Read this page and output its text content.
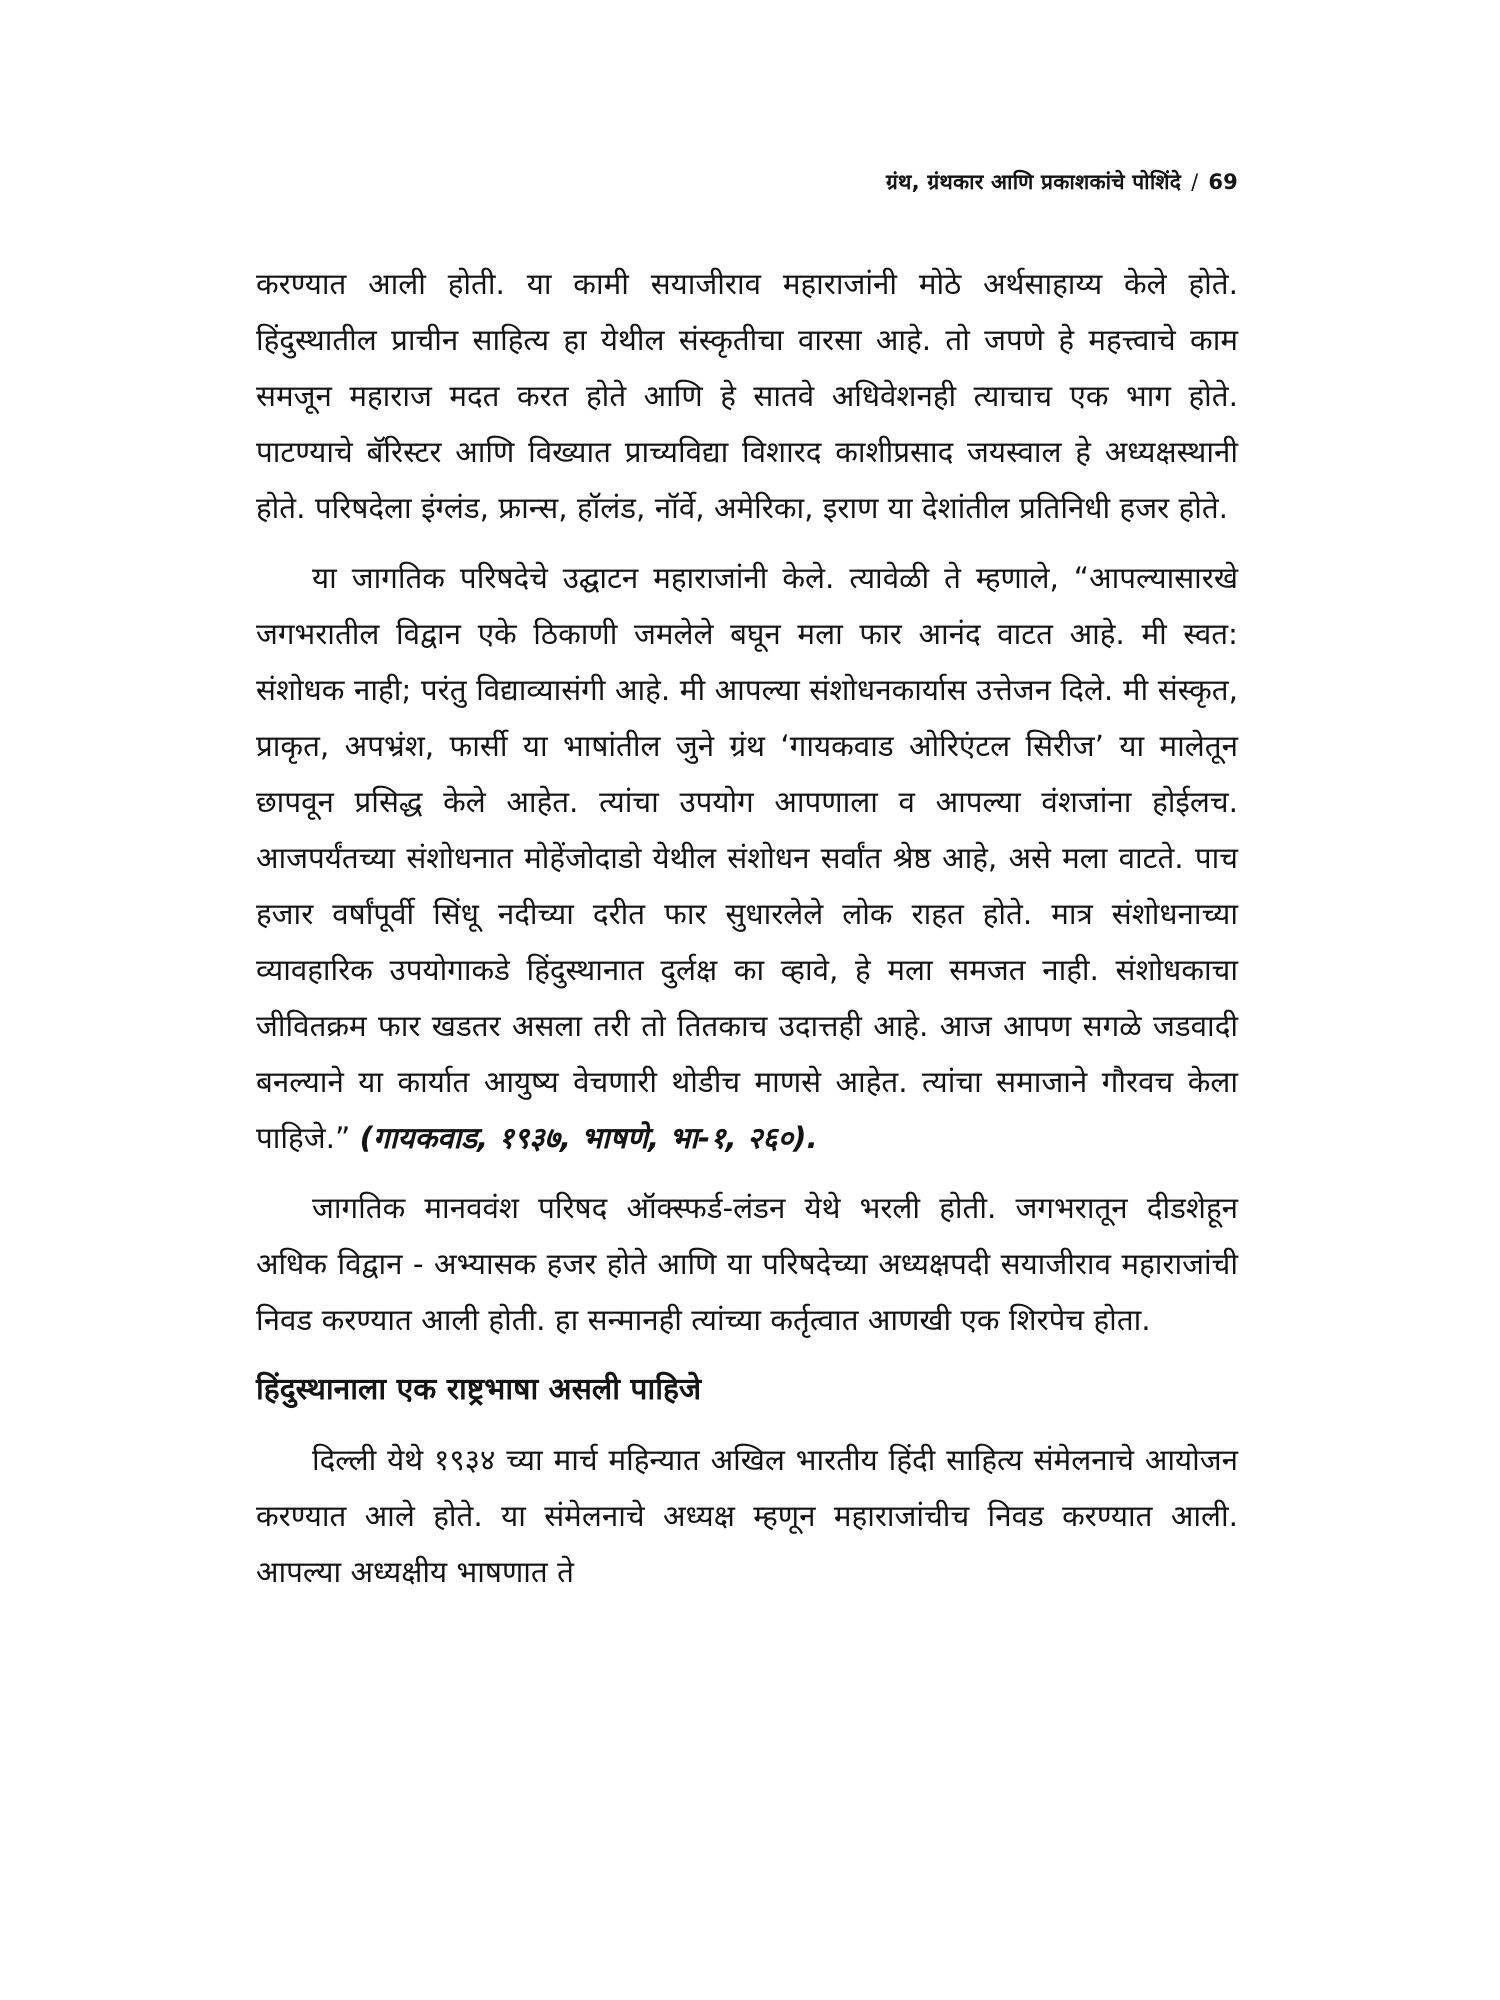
ग्रंथ, ग्रंथकार आणि प्रकाशकांचे पोशिंदे / 69

करण्यात आली होती. या कामी सयाजीराव महाराजांनी मोठे अर्थसाहाय्य केले होते. हिंदुस्थातील प्राचीन साहित्य हा येथील संस्कृतीचा वारसा आहे. तो जपणे हे महत्त्वाचे काम समजून महाराज मदत करत होते आणि हे सातवे अधिवेशनही त्याचाच एक भाग होते. पाटण्याचे बॅरिस्टर आणि विख्यात प्राच्यविद्या विशारद काशीप्रसाद जयस्वाल हे अध्यक्षस्थानी होते. परिषदेला इंग्लंड, फ्रान्स, हॉलंड, नॉर्वे, अमेरिका, इराण या देशांतील प्रतिनिधी हजर होते.

या जागतिक परिषदेचे उद्घाटन महाराजांनी केले. त्यावेळी ते म्हणाले, “आपल्यासारखे जगभरातील विद्वान एके ठिकाणी जमलेले बघून मला फार आनंद वाटत आहे. मी स्वत: संशोधक नाही; परंतु विद्याव्यासंगी आहे. मी आपल्या संशोधनकार्यास उत्तेजन दिले. मी संस्कृत, प्राकृत, अपभ्रंश, फार्सी या भाषांतील जुने ग्रंथ ‘गायकवाड ओरिएंटल सिरीज’ या मालेतून छापवून प्रसिद्ध केले आहेत. त्यांचा उपयोग आपणाला व आपल्या वंशजांना होईलच. आजपर्यंतच्या संशोधनात मोहेंजोदाडो येथील संशोधन सर्वांत श्रेष्ठ आहे, असे मला वाटते. पाच हजार वर्षांपूर्वी सिंधू नदीच्या दरीत फार सुधारलेले लोक राहत होते. मात्र संशोधनाच्या व्यावहारिक उपयोगाकडे हिंदुस्थानात दुर्लक्ष का व्हावे, हे मला समजत नाही. संशोधकाचा जीवितक्रम फार खडतर असला तरी तो तितकाच उदात्तही आहे. आज आपण सगळे जडवादी बनल्याने या कार्यात आयुष्य वेचणारी थोडीच माणसे आहेत. त्यांचा समाजाने गौरवच केला पाहिजे.” (गायकवाड, १९३७, भाषणे, भा-१, २६०).

जागतिक मानववंश परिषद ऑक्स्फर्ड-लंडन येथे भरली होती. जगभरातून दीडशेहून अधिक विद्वान - अभ्यासक हजर होते आणि या परिषदेच्या अध्यक्षपदी सयाजीराव महाराजांची निवड करण्यात आली होती. हा सन्मानही त्यांच्या कर्तृत्वात आणखी एक शिरपेच होता.

हिंदुस्थानाला एक राष्ट्रभाषा असली पाहिजे

दिल्ली येथे १९३४ च्या मार्च महिन्यात अखिल भारतीय हिंदी साहित्य संमेलनाचे आयोजन करण्यात आले होते. या संमेलनाचे अध्यक्ष म्हणून महाराजांचीच निवड करण्यात आली. आपल्या अध्यक्षीय भाषणात ते
